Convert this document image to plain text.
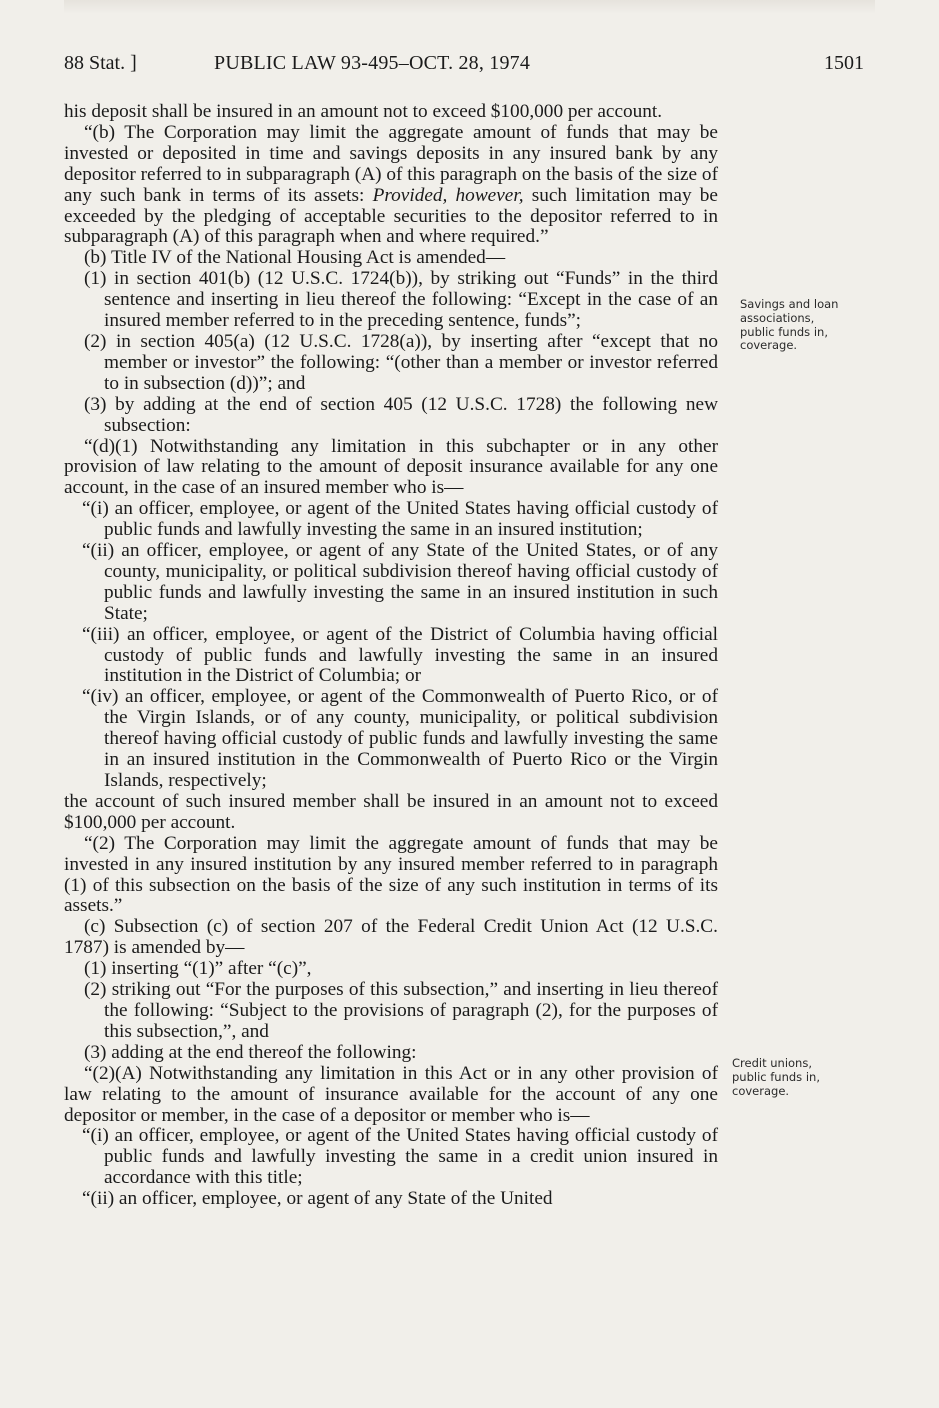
88 Stat. ]	PUBLIC LAW 93-495–OCT. 28, 1974	1501

his deposit shall be insured in an amount not to exceed $100,000 per account.

“(b) The Corporation may limit the aggregate amount of funds that may be invested or deposited in time and savings deposits in any insured bank by any depositor referred to in subparagraph (A) of this paragraph on the basis of the size of any such bank in terms of its assets: Provided, however, such limitation may be exceeded by the pledging of acceptable securities to the depositor referred to in subparagraph (A) of this paragraph when and where required.”

(b) Title IV of the National Housing Act is amended—

(1) in section 401(b) (12 U.S.C. 1724(b)), by striking out “Funds” in the third sentence and inserting in lieu thereof the following: “Except in the case of an insured member referred to in the preceding sentence, funds”;

(2) in section 405(a) (12 U.S.C. 1728(a)), by inserting after “except that no member or investor” the following: “(other than a member or investor referred to in subsection (d))”; and

(3) by adding at the end of section 405 (12 U.S.C. 1728) the following new subsection:

“(d)(1) Notwithstanding any limitation in this subchapter or in any other provision of law relating to the amount of deposit insurance available for any one account, in the case of an insured member who is—

“(i) an officer, employee, or agent of the United States having official custody of public funds and lawfully investing the same in an insured institution;

“(ii) an officer, employee, or agent of any State of the United States, or of any county, municipality, or political subdivision thereof having official custody of public funds and lawfully investing the same in an insured institution in such State;

“(iii) an officer, employee, or agent of the District of Columbia having official custody of public funds and lawfully investing the same in an insured institution in the District of Columbia; or

“(iv) an officer, employee, or agent of the Commonwealth of Puerto Rico, or of the Virgin Islands, or of any county, municipality, or political subdivision thereof having official custody of public funds and lawfully investing the same in an insured institution in the Commonwealth of Puerto Rico or the Virgin Islands, respectively;

the account of such insured member shall be insured in an amount not to exceed $100,000 per account.

“(2) The Corporation may limit the aggregate amount of funds that may be invested in any insured institution by any insured member referred to in paragraph (1) of this subsection on the basis of the size of any such institution in terms of its assets.”

(c) Subsection (c) of section 207 of the Federal Credit Union Act (12 U.S.C. 1787) is amended by—

(1) inserting “(1)” after “(c)”,

(2) striking out “For the purposes of this subsection,” and inserting in lieu thereof the following: “Subject to the provisions of paragraph (2), for the purposes of this subsection,”, and

(3) adding at the end thereof the following:

“(2)(A) Notwithstanding any limitation in this Act or in any other provision of law relating to the amount of insurance available for the account of any one depositor or member, in the case of a depositor or member who is—

“(i) an officer, employee, or agent of the United States having official custody of public funds and lawfully investing the same in a credit union insured in accordance with this title;

“(ii) an officer, employee, or agent of any State of the United

Savings and loan associations, public funds in, coverage.
Credit unions, public funds in, coverage.
